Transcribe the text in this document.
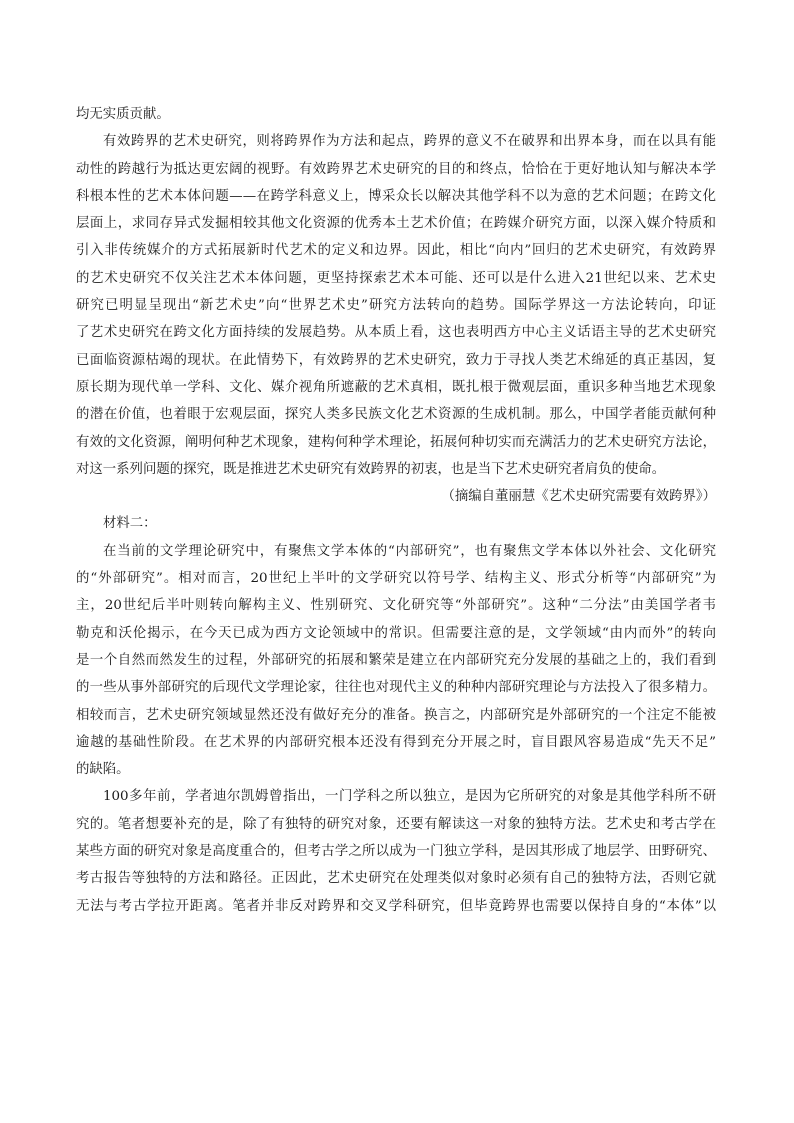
均无实质贡献。
有效跨界的艺术史研究，则将跨界作为方法和起点，跨界的意义不在破界和出界本身，而在以具有能
动性的跨越行为抵达更宏阔的视野。有效跨界艺术史研究的目的和终点，恰恰在于更好地认知与解决本学
科根本性的艺术本体问题——在跨学科意义上，博采众长以解决其他学科不以为意的艺术问题；在跨文化
层面上，求同存异式发掘相较其他文化资源的优秀本土艺术价值；在跨媒介研究方面，以深入媒介特质和
引入非传统媒介的方式拓展新时代艺术的定义和边界。因此，相比“向内”回归的艺术史研究，有效跨界
的艺术史研究不仅关注艺术本体问题，更坚持探索艺术本可能、还可以是什么进入21世纪以来、艺术史
研究已明显呈现出“新艺术史”向“世界艺术史”研究方法转向的趋势。国际学界这一方法论转向，印证
了艺术史研究在跨文化方面持续的发展趋势。从本质上看，这也表明西方中心主义话语主导的艺术史研究
已面临资源枯竭的现状。在此情势下，有效跨界的艺术史研究，致力于寻找人类艺术绵延的真正基因，复
原长期为现代单一学科、文化、媒介视角所遮蔽的艺术真相，既扎根于微观层面，重识多种当地艺术现象
的潜在价值，也着眼于宏观层面，探究人类多民族文化艺术资源的生成机制。那么，中国学者能贡献何种
有效的文化资源，阐明何种艺术现象，建构何种学术理论，拓展何种切实而充满活力的艺术史研究方法论，
对这一系列问题的探究，既是推进艺术史研究有效跨界的初衷，也是当下艺术史研究者肩负的使命。
（摘编自董丽慧《艺术史研究需要有效跨界》）
材料二：
在当前的文学理论研究中，有聚焦文学本体的“内部研究”，也有聚焦文学本体以外社会、文化研究
的“外部研究”。相对而言，20世纪上半叶的文学研究以符号学、结构主义、形式分析等“内部研究”为
主，20世纪后半叶则转向解构主义、性别研究、文化研究等“外部研究”。这种“二分法”由美国学者韦
勒克和沃伦揭示，在今天已成为西方文论领域中的常识。但需要注意的是，文学领域“由内而外”的转向
是一个自然而然发生的过程，外部研究的拓展和繁荣是建立在内部研究充分发展的基础之上的，我们看到
的一些从事外部研究的后现代文学理论家，往往也对现代主义的种种内部研究理论与方法投入了很多精力。
相较而言，艺术史研究领域显然还没有做好充分的准备。换言之，内部研究是外部研究的一个注定不能被
逾越的基础性阶段。在艺术界的内部研究根本还没有得到充分开展之时，盲目跟风容易造成“先天不足”
的缺陷。
100多年前，学者迪尔凯姆曾指出，一门学科之所以独立，是因为它所研究的对象是其他学科所不研
究的。笔者想要补充的是，除了有独特的研究对象，还要有解读这一对象的独特方法。艺术史和考古学在
某些方面的研究对象是高度重合的，但考古学之所以成为一门独立学科，是因其形成了地层学、田野研究、
考古报告等独特的方法和路径。正因此，艺术史研究在处理类似对象时必须有自己的独特方法，否则它就
无法与考古学拉开距离。笔者并非反对跨界和交叉学科研究，但毕竟跨界也需要以保持自身的“本体”以
